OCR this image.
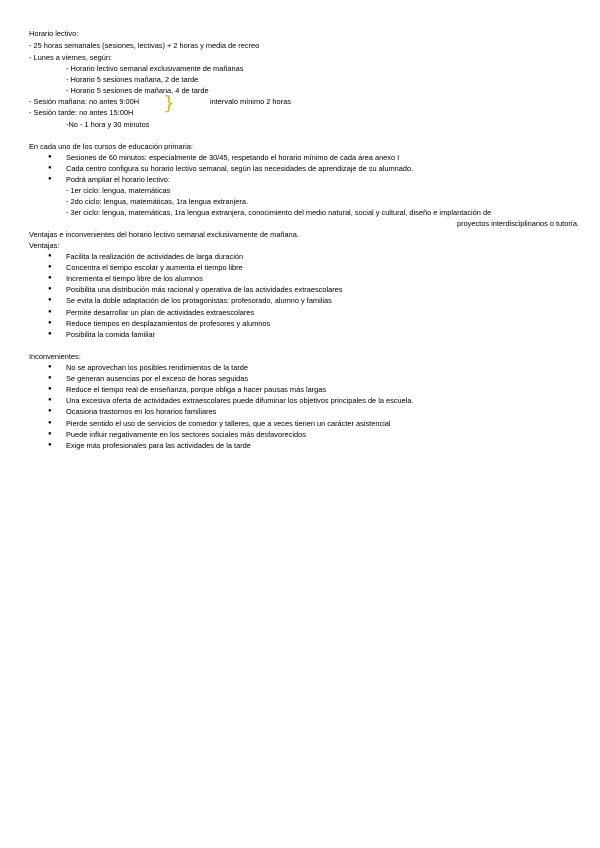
Horario lectivo:
- 25 horas semanales (sesiones, lectivas) + 2 horas y media de recreo
- Lunes a viernes, según:
- Horario lectivo semanal exclusivamente de mañanas
- Horario 5 sesiones mañana, 2 de tarde
- Horario 5 sesiones de mañana, 4 de tarde
- Sesión mañana: no antes 9:00H }	intervalo mínimo 2 horas
- Sesión tarde: no antes 15:00H
-No - 1 hora y 30 minutos
En cada uno de los cursos de educación primaria:
● Sesiones de 60 minutos: especialmente de 30/45, respetando el horario mínimo de cada área anexo I
● Cada centro configura su horario lectivo semanal, según las necesidades de aprendizaje de su alumnado.
● Podrá ampliar el horario lectivo:
- 1er ciclo: lengua, matemáticas
- 2do ciclo: lengua, matemáticas, 1ra lengua extranjera.
- 3er ciclo: lengua, matemáticas, 1ra lengua extranjera, conocimiento del medio natural, social y cultural, diseño e implantación de
proyectos interdisciplinarios o tutoría.
Ventajas e inconvenientes del horario lectivo semanal exclusivamente de mañana.
Ventajas:
● Facilita la realización de actividades de larga duración
● Concentra el tiempo escolar y aumenta el tiempo libre
● Incrementa el tiempo libre de los alumnos
● Posibilita una distribución más racional y operativa de las actividades extraescolares
● Se evita la doble adaptación de los protagonistas: profesorado, alumno y familias
● Permite desarrollar un plan de actividades extraescolares
● Reduce tiempos en desplazamientos de profesores y alumnos
● Posibilita la comida familiar
Inconvenientes:
● No se aprovechan los posibles rendimientos de la tarde
● Se generan ausencias por el exceso de horas seguidas
● Reduce el tiempo real de enseñanza, porque obliga a hacer pausas más largas
● Una excesiva oferta de actividades extraescolares puede difuminar los objetivos principales de la escuela.
● Ocasiona trastornos en los horarios familiares
● Pierde sentido el uso de servicios de comedor y talleres, que a veces tienen un carácter asistencial
● Puede influir negativamente en los sectores sociales más desfavorecidos
● Exige más profesionales para las actividades de la tarde
